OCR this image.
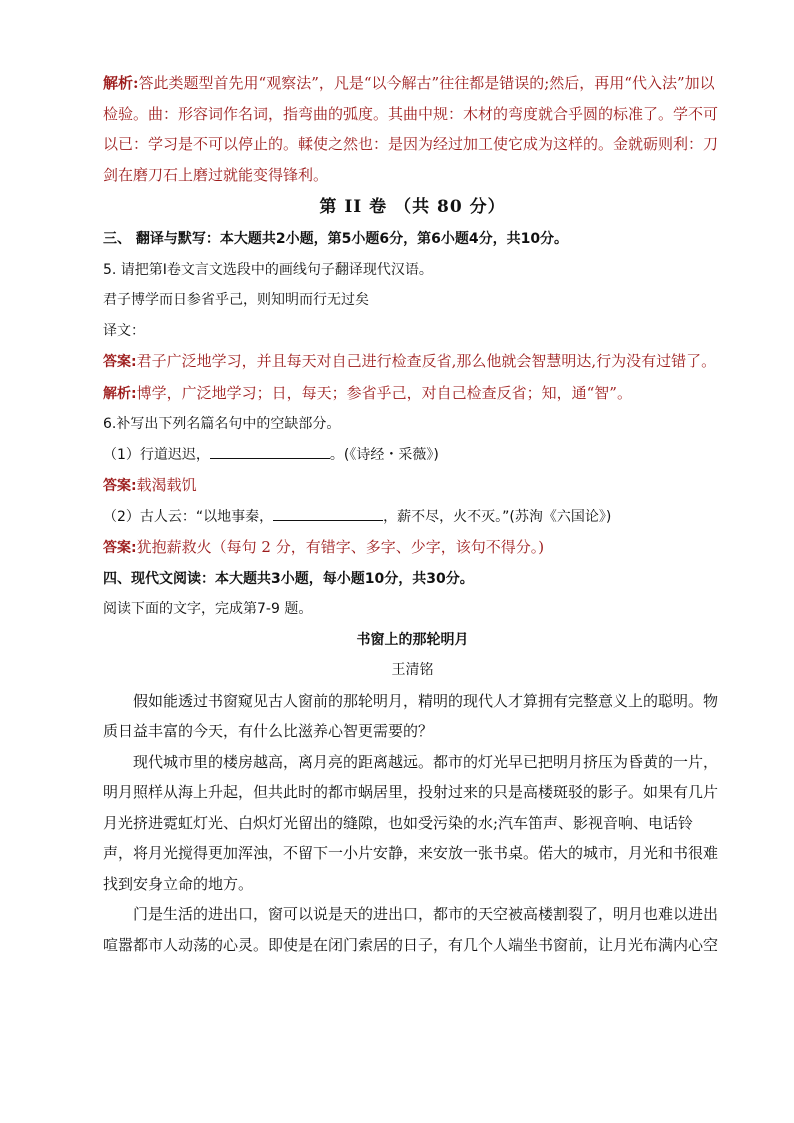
解析:答此类题型首先用“观察法”，凡是“以今解古”往往都是错误的;然后，再用“代入法”加以检验。曲：形容词作名词，指弯曲的弧度。其曲中规：木材的弯度就合乎圆的标准了。学不可以已：学习是不可以停止的。輮使之然也：是因为经过加工使它成为这样的。金就砺则利：刀剑在磨刀石上磨过就能变得锋利。

第 II 卷 （共 80 分）

三、 翻译与默写：本大题共2小题，第5小题6分，第6小题4分，共10分。

5. 请把第Ⅰ卷文言文选段中的画线句子翻译现代汉语。

君子博学而日参省乎己，则知明而行无过矣

译文：

答案:君子广泛地学习，并且每天对自己进行检查反省,那么他就会智慧明达,行为没有过错了。

解析:博学，广泛地学习；日，每天；参省乎己，对自己检查反省；知，通“智”。

6.补写出下列名篇名句中的空缺部分。

（1）行道迟迟，	。(《诗经・采薇》)

答案:载渴载饥

（2）古人云：“以地事秦，	，薪不尽，火不灭。”(苏洵《六国论》)

答案:犹抱薪救火（每句 2 分，有错字、多字、少字，该句不得分。)

四、现代文阅读：本大题共3小题，每小题10分，共30分。

阅读下面的文字，完成第7-9 题。

书窗上的那轮明月

王清铭

假如能透过书窗窥见古人窗前的那轮明月，精明的现代人才算拥有完整意义上的聪明。物质日益丰富的今天，有什么比滋养心智更需要的？

现代城市里的楼房越高，离月亮的距离越远。都市的灯光早已把明月挤压为昏黄的一片，明月照样从海上升起，但共此时的都市蜗居里，投射过来的只是高楼斑驳的影子。如果有几片月光挤进霓虹灯光、白炽灯光留出的缝隙，也如受污染的水;汽车笛声、影视音响、电话铃声，将月光搅得更加浑浊，不留下一小片安静，来安放一张书桌。偌大的城市，月光和书很难找到安身立命的地方。

门是生活的进出口，窗可以说是天的进出口，都市的天空被高楼割裂了，明月也难以进出喧嚣都市人动荡的心灵。即使是在闭门索居的日子，有几个人端坐书窗前，让月光布满内心空
